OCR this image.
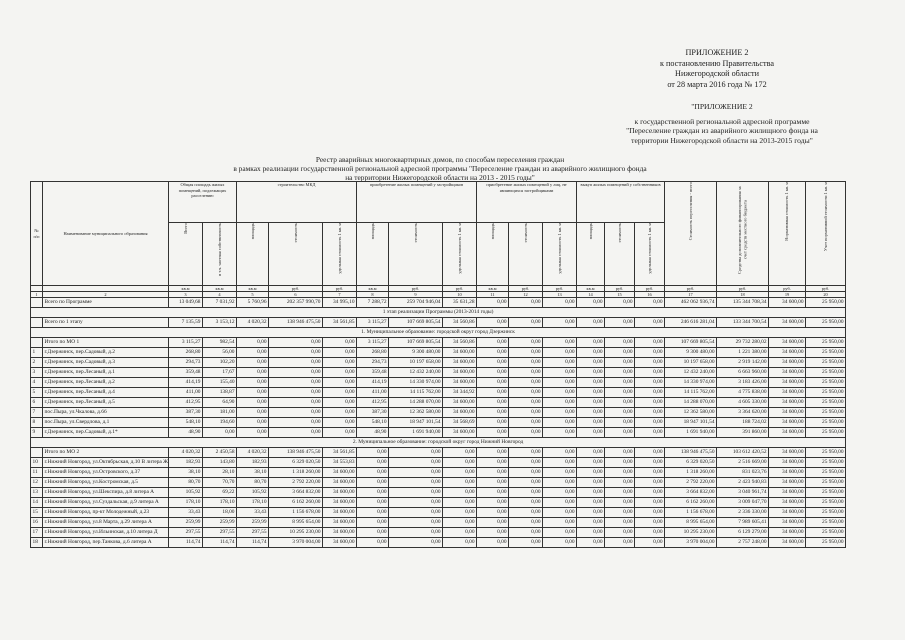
ПРИЛОЖЕНИЕ 2
к постановлению Правительства
Нижегородской области
от 28 марта 2016 года № 172
"ПРИЛОЖЕНИЕ 2
к государственной региональной адресной программе
"Переселение граждан из аварийного жилищного фонда на
территории Нижегородской области на 2013-2015 годы"
Реестр аварийных многоквартирных домов, по способам переселения граждан
в рамках реализации государственной региональной адресной программы "Переселение граждан из аварийного жилищного фонда
на территории Нижегородской области на 2013 - 2015 годы"
№ п/п	Наименование муниципального образования	Общая площадь жилых помещений, подлежащих расселению		строительство МКД			приобретение жилых помещений у застройщиков			приобретение жилых помещений у лиц, не являющихся застройщиками			выкуп жилых помещений у собственников			Стоимость переселения - всего	Средства дополнительного финансирования за счет средств местного бюджета	Нормативная стоимость 1 кв. м	Учет нормативной стоимости 1 кв. м
		Всего	в т.ч. частная собственность	площадь	стоимость	удельная стоимость 1 кв. м	площадь	стоимость	удельная стоимость 1 кв. м	площадь	стоимость	удельная стоимость 1 кв. м	площадь	стоимость	удельная стоимость 1 кв. м				
		кв.м	кв.м	кв.м	руб.	руб.	кв.м	руб.	руб.	кв.м	руб.	руб.	кв.м	руб.	руб.	руб.	руб.	руб.	руб.
1	2	3	4	5	6	7	8	9	10	11	12	13	14	15	16	17	18	19	20
	Всего по Программе	13 049,68	7 031,92	5 760,96	202 357 990,70	34 995,10	7 288,72	259 704 946,04	35 631,28	0,00	0,00	0,00	0,00	0,00	0,00	462 062 936,74	135 344 708,34	34 600,00	25 950,00
1 этап реализации Программы (2013-2014 годы)																			
	Всего по 1 этапу	7 135,59	3 153,12	4 020,32	138 946 475,50	34 561,85	3 115,27	107 669 805,54	34 560,86	0,00	0,00	0,00	0,00	0,00	0,00	246 616 281,04	133 344 700,54	34 600,00	25 950,00
1. Муниципальное образование: городской округ город Дзержинск																			
	Итого по МО 1	3 115,27	982,54	0,00	0,00	0,00	3 115,27	107 669 805,54	34 560,86	0,00	0,00	0,00	0,00	0,00	0,00	107 669 805,54	29 732 280,02	34 600,00	25 950,00
1	г.Дзержинск, пер.Садовый, д.2	268,80	56,00	0,00	0,00	0,00	268,80	9 300 480,00	34 600,00	0,00	0,00	0,00	0,00	0,00	0,00	9 300 480,00	1 221 380,00	34 600,00	25 950,00
2	г.Дзержинск, пер.Садовый, д.3	294,73	102,20	0,00	0,00	0,00	294,73	10 197 658,00	34 600,00	0,00	0,00	0,00	0,00	0,00	0,00	10 197 658,00	2 919 142,00	34 600,00	25 950,00
3	г.Дзержинск, пер.Лесаный, д.1	359,48	17,67	0,00	0,00	0,00	359,48	12 432 240,00	34 600,00	0,00	0,00	0,00	0,00	0,00	0,00	12 432 240,00	6 663 960,00	34 600,00	25 950,00
4	г.Дзержинск, пер.Лесаный, д.2	414,19	155,40	0,00	0,00	0,00	414,19	14 330 974,00	34 600,00	0,00	0,00	0,00	0,00	0,00	0,00	14 330 974,00	3 183 426,00	34 600,00	25 950,00
5	г.Дзержинск, пер.Лесаный, д.4	411,00	138,87	0,00	0,00	0,00	411,00	14 115 762,00	34 344,92	0,00	0,00	0,00	0,00	0,00	0,00	14 115 762,00	4 775 838,00	34 600,00	25 950,00
6	г.Дзержинск, пер.Лесаный, д.5	412,95	64,90	0,00	0,00	0,00	412,95	14 288 070,00	34 600,00	0,00	0,00	0,00	0,00	0,00	0,00	14 288 070,00	4 605 330,00	34 600,00	25 950,00
7	пос.Пыра, ул.Чкалова, д.66	387,30	181,00	0,00	0,00	0,00	387,30	12 362 580,00	34 600,00	0,00	0,00	0,00	0,00	0,00	0,00	12 362 580,00	3 364 620,00	34 600,00	25 950,00
8	пос.Пыра, ул.Свердлова, д.1	548,10	194,60	0,00	0,00	0,00	548,10	18 947 101,54	34 568,69	0,00	0,00	0,00	0,00	0,00	0,00	18 947 101,54	188 724,02	34 600,00	25 950,00
9	г.Дзержинск, пер.Садовый, д.1*	48,90	0,00	0,00	0,00	0,00	48,90	1 691 940,00	34 600,00	0,00	0,00	0,00	0,00	0,00	0,00	1 691 940,00	391 860,00	34 600,00	25 950,00
2. Муниципальное образование: городской округ город Нижний Новгород																			
	Итого по МО 2	4 020,32	2 450,58	4 020,32	138 946 475,50	34 561,85	0,00	0,00	0,00	0,00	0,00	0,00	0,00	0,00	0,00	138 946 475,50	103 612 420,52	34 600,00	25 950,00
10	г.Нижний Новгород, ул.Октябрьская, д.10 В литера Ж	182,93	143,80	182,93	6 329 020,50	34 553,83	0,00	0,00	0,00	0,00	0,00	0,00	0,00	0,00	0,00	6 329 020,50	2 516 669,00	34 600,00	25 950,00
11	г.Нижний Новгород, ул.Островского, д.37	38,10	28,10	38,10	1 318 260,00	34 600,00	0,00	0,00	0,00	0,00	0,00	0,00	0,00	0,00	0,00	1 318 260,00	831 023,76	34 600,00	25 950,00
12	г.Нижний Новгород, ул.Костромская, д.5	80,70	70,70	80,70	2 792 220,00	34 600,00	0,00	0,00	0,00	0,00	0,00	0,00	0,00	0,00	0,00	2 792 220,00	2 423 940,83	34 600,00	25 950,00
13	г.Нижний Новгород, ул.Шекспира, д.8 литера А	105,92	69,22	105,92	3 664 832,00	34 600,00	0,00	0,00	0,00	0,00	0,00	0,00	0,00	0,00	0,00	3 664 832,00	3 040 961,74	34 600,00	25 950,00
14	г.Нижний Новгород, ул.Суздальская, д.9 литера А	178,10	178,10	178,10	6 162 260,00	34 600,00	0,00	0,00	0,00	0,00	0,00	0,00	0,00	0,00	0,00	6 162 260,00	3 009 047,70	34 600,00	25 950,00
15	г.Нижний Новгород, пр-кт Молодежный, д.23	33,43	18,00	33,43	1 156 678,00	34 600,00	0,00	0,00	0,00	0,00	0,00	0,00	0,00	0,00	0,00	1 156 678,00	2 336 330,00	34 600,00	25 950,00
16	г.Нижний Новгород, ул.8 Марта, д.29 литера А	259,99	259,99	259,99	8 995 654,00	34 600,00	0,00	0,00	0,00	0,00	0,00	0,00	0,00	0,00	0,00	8 995 654,00	7 989 605,41	34 600,00	25 950,00
17	г.Нижний Новгород, ул.Ильинская, д.10 литера Д	297,55	297,55	297,55	10 295 230,00	34 600,00	0,00	0,00	0,00	0,00	0,00	0,00	0,00	0,00	0,00	10 295 230,00	6 129 279,00	34 600,00	25 950,00
18	г.Нижний Новгород, пер.Танкова, д.6 литера А	114,74	114,74	114,74	3 970 004,00	34 600,00	0,00	0,00	0,00	0,00	0,00	0,00	0,00	0,00	0,00	3 970 004,00	2 757 248,00	34 600,00	25 950,00
